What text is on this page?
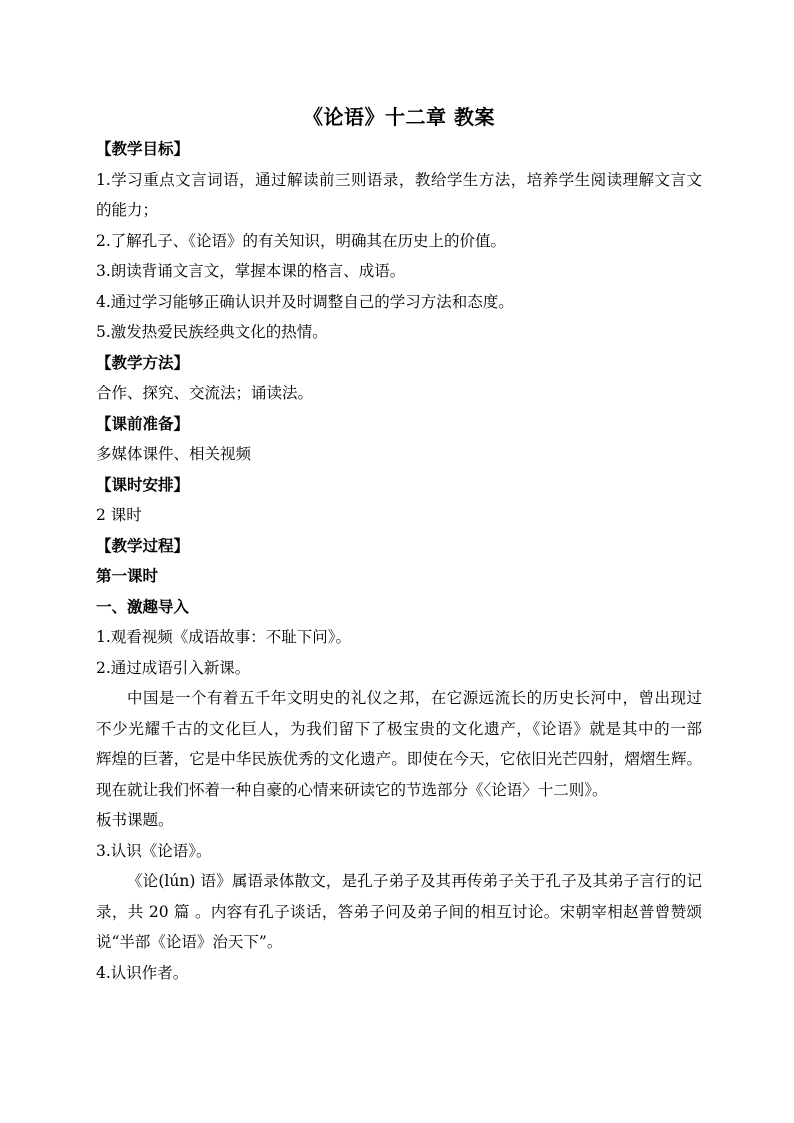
《论语》十二章 教案
【教学目标】
1.学习重点文言词语，通过解读前三则语录，教给学生方法，培养学生阅读理解文言文
的能力；
2.了解孔子、《论语》的有关知识，明确其在历史上的价值。
3.朗读背诵文言文，掌握本课的格言、成语。
4.通过学习能够正确认识并及时调整自己的学习方法和态度。
5.激发热爱民族经典文化的热情。
【教学方法】
合作、探究、交流法；诵读法。
【课前准备】
多媒体课件、相关视频
【课时安排】
2 课时
【教学过程】
第一课时
一、激趣导入
1.观看视频《成语故事：不耻下问》。
2.通过成语引入新课。
中国是一个有着五千年文明史的礼仪之邦，在它源远流长的历史长河中，曾出现过
不少光耀千古的文化巨人，为我们留下了极宝贵的文化遗产，《论语》就是其中的一部
辉煌的巨著，它是中华民族优秀的文化遗产。即使在今天，它依旧光芒四射，熠熠生辉。
现在就让我们怀着一种自豪的心情来研读它的节选部分《〈论语〉十二则》。
板书课题。
3.认识《论语》。
《论(lún) 语》属语录体散文，是孔子弟子及其再传弟子关于孔子及其弟子言行的记
录，共 20 篇 。内容有孔子谈话，答弟子问及弟子间的相互讨论。宋朝宰相赵普曾赞颂
说“半部《论语》治天下”。
4.认识作者。
